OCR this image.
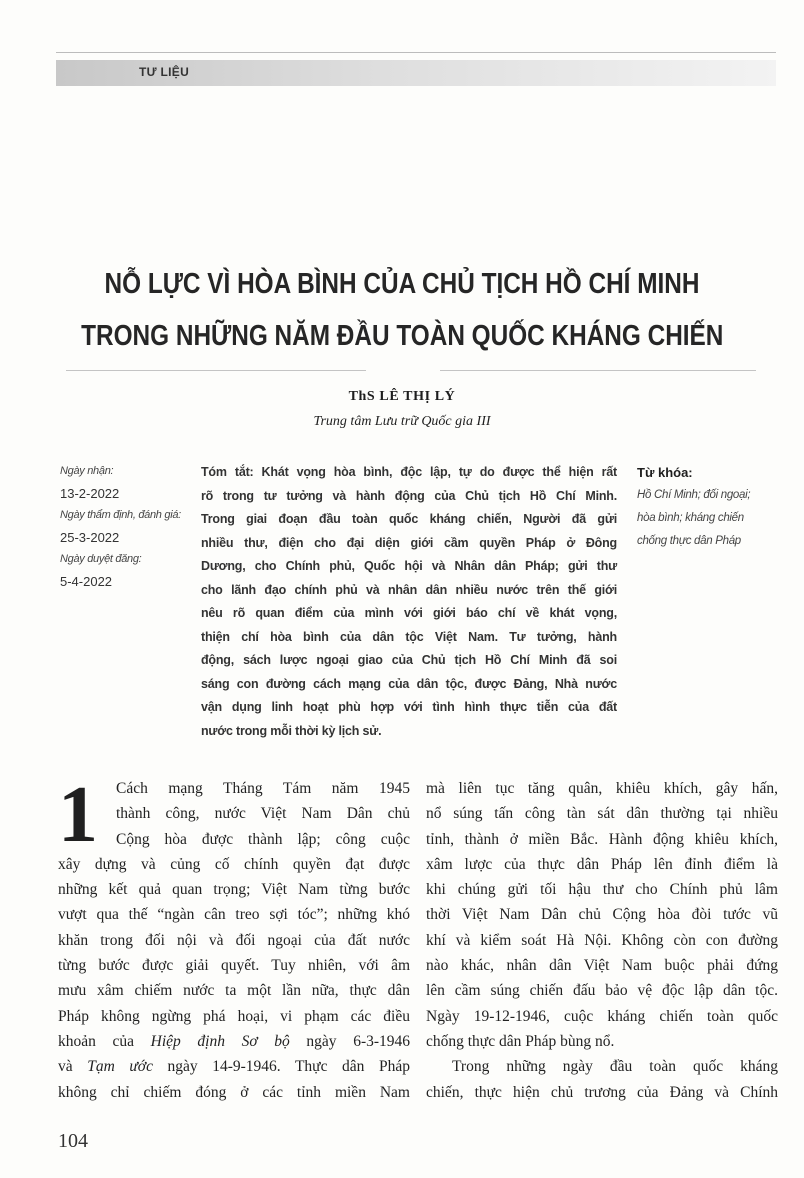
TƯ LIỆU
NỖ LỰC VÌ HÒA BÌNH CỦA CHỦ TỊCH HỒ CHÍ MINH
TRONG NHỮNG NĂM ĐẦU TOÀN QUỐC KHÁNG CHIẾN
ThS LÊ THỊ LÝ
Trung tâm Lưu trữ Quốc gia III
Ngày nhận:
13-2-2022
Ngày thẩm định, đánh giá:
25-3-2022
Ngày duyệt đăng:
5-4-2022
Tóm tắt: Khát vọng hòa bình, độc lập, tự do được thể hiện rất
rõ trong tư tưởng và hành động của Chủ tịch Hồ Chí Minh.
Trong giai đoạn đầu toàn quốc kháng chiến, Người đã gửi
nhiều thư, điện cho đại diện giới cầm quyền Pháp ở Đông
Dương, cho Chính phủ, Quốc hội và Nhân dân Pháp; gửi thư
cho lãnh đạo chính phủ và nhân dân nhiều nước trên thế giới
nêu rõ quan điểm của mình với giới báo chí về khát vọng,
thiện chí hòa bình của dân tộc Việt Nam. Tư tưởng, hành
động, sách lược ngoại giao của Chủ tịch Hồ Chí Minh đã soi
sáng con đường cách mạng của dân tộc, được Đảng, Nhà nước
vận dụng linh hoạt phù hợp với tình hình thực tiễn của đất
nước trong mỗi thời kỳ lịch sử.
Từ khóa:
Hồ Chí Minh; đối ngoại;
hòa bình; kháng chiến
chống thực dân Pháp
1	Cách mạng Tháng Tám năm 1945
thành công, nước Việt Nam Dân chủ
Cộng hòa được thành lập; công cuộc
xây dựng và củng cố chính quyền đạt được
những kết quả quan trọng; Việt Nam từng bước
vượt qua thế “ngàn cân treo sợi tóc”; những khó
khăn trong đối nội và đối ngoại của đất nước
từng bước được giải quyết. Tuy nhiên, với âm
mưu xâm chiếm nước ta một lần nữa, thực dân
Pháp không ngừng phá hoại, vi phạm các điều
khoản của Hiệp định Sơ bộ ngày 6-3-1946
và Tạm ước ngày 14-9-1946. Thực dân Pháp
không chỉ chiếm đóng ở các tỉnh miền Nam
mà liên tục tăng quân, khiêu khích, gây hấn,
nổ súng tấn công tàn sát dân thường tại nhiều
tỉnh, thành ở miền Bắc. Hành động khiêu khích,
xâm lược của thực dân Pháp lên đỉnh điểm là
khi chúng gửi tối hậu thư cho Chính phủ lâm
thời Việt Nam Dân chủ Cộng hòa đòi tước vũ
khí và kiểm soát Hà Nội. Không còn con đường
nào khác, nhân dân Việt Nam buộc phải đứng
lên cầm súng chiến đấu bảo vệ độc lập dân tộc.
Ngày 19-12-1946, cuộc kháng chiến toàn quốc
chống thực dân Pháp bùng nổ.
Trong những ngày đầu toàn quốc kháng
chiến, thực hiện chủ trương của Đảng và Chính
104
